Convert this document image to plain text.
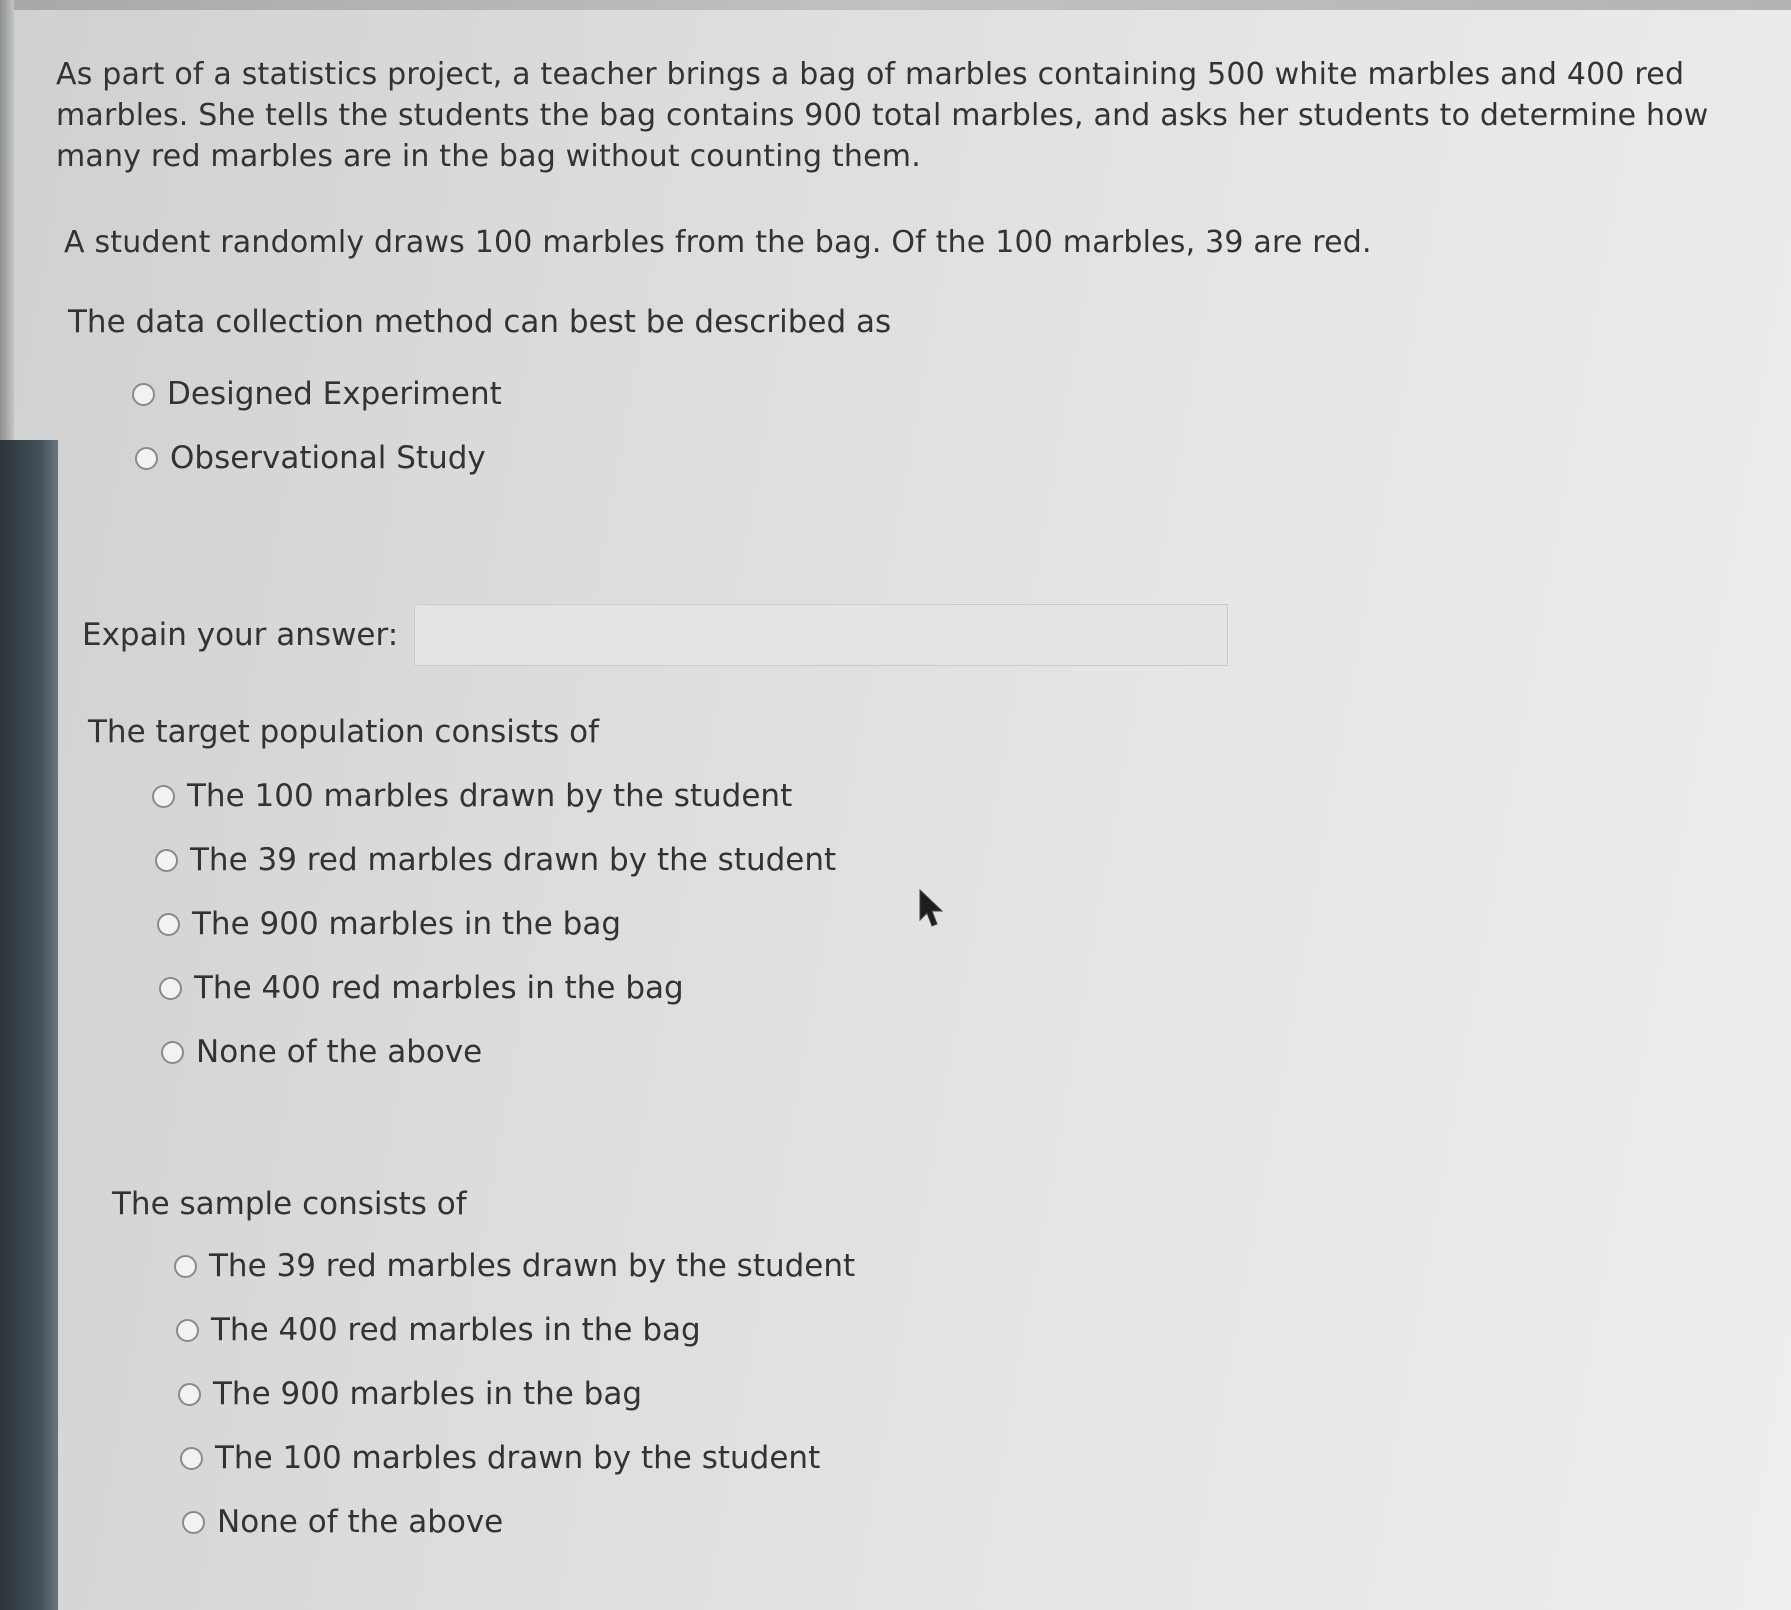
As part of a statistics project, a teacher brings a bag of marbles containing 500 white marbles and 400 red marbles. She tells the students the bag contains 900 total marbles, and asks her students to determine how many red marbles are in the bag without counting them.

A student randomly draws 100 marbles from the bag. Of the 100 marbles, 39 are red.

The data collection method can best be described as

Designed Experiment
Observational Study
Expain your answer:

The target population consists of

The 100 marbles drawn by the student
The 39 red marbles drawn by the student
The 900 marbles in the bag
The 400 red marbles in the bag
None of the above

The sample consists of

The 39 red marbles drawn by the student
The 400 red marbles in the bag
The 900 marbles in the bag
The 100 marbles drawn by the student
None of the above
